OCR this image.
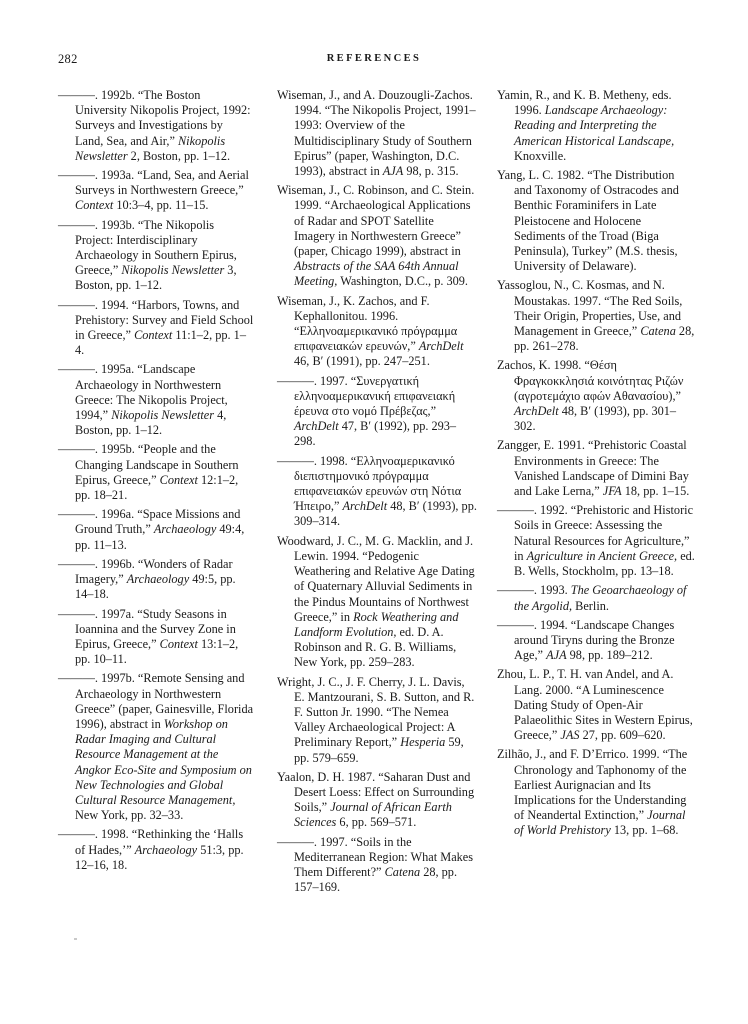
282	REFERENCES

———. 1992b. “The Boston University Nikopolis Project, 1992: Surveys and Investigations by Land, Sea, and Air,” Nikopolis Newsletter 2, Boston, pp. 1–12.

———. 1993a. “Land, Sea, and Aerial Surveys in Northwestern Greece,” Context 10:3–4, pp. 11–15.

———. 1993b. “The Nikopolis Project: Interdisciplinary Archaeology in Southern Epirus, Greece,” Nikopolis Newsletter 3, Boston, pp. 1–12.

———. 1994. “Harbors, Towns, and Prehistory: Survey and Field School in Greece,” Context 11:1–2, pp. 1–4.

———. 1995a. “Landscape Archaeology in Northwestern Greece: The Nikopolis Project, 1994,” Nikopolis Newsletter 4, Boston, pp. 1–12.

———. 1995b. “People and the Changing Landscape in Southern Epirus, Greece,” Context 12:1–2, pp. 18–21.

———. 1996a. “Space Missions and Ground Truth,” Archaeology 49:4, pp. 11–13.

———. 1996b. “Wonders of Radar Imagery,” Archaeology 49:5, pp. 14–18.

———. 1997a. “Study Seasons in Ioannina and the Survey Zone in Epirus, Greece,” Context 13:1–2, pp. 10–11.

———. 1997b. “Remote Sensing and Archaeology in Northwestern Greece” (paper, Gainesville, Florida 1996), abstract in Workshop on Radar Imaging and Cultural Resource Management at the Angkor Eco-Site and Symposium on New Technologies and Global Cultural Resource Management, New York, pp. 32–33.

———. 1998. “Rethinking the ‘Halls of Hades,’” Archaeology 51:3, pp. 12–16, 18.

Wiseman, J., and A. Douzougli-Zachos. 1994. “The Nikopolis Project, 1991–1993: Overview of the Multidisciplinary Study of Southern Epirus” (paper, Washington, D.C. 1993), abstract in AJA 98, p. 315.

Wiseman, J., C. Robinson, and C. Stein. 1999. “Archaeological Applications of Radar and SPOT Satellite Imagery in Northwestern Greece” (paper, Chicago 1999), abstract in Abstracts of the SAA 64th Annual Meeting, Washington, D.C., p. 309.

Wiseman, J., K. Zachos, and F. Kephallonitou. 1996. “Ελληνοαμερικανικό πρόγραμμα επιφανειακών ερευνών,” ArchDelt 46, B′ (1991), pp. 247–251.

———. 1997. “Συνεργατική ελληνοαμερικανική επιφανειακή έρευνα στο νομό Πρέβεζας,” ArchDelt 47, B′ (1992), pp. 293–298.

———. 1998. “Ελληνοαμερικανικό διεπιστημονικό πρόγραμμα επιφανειακών ερευνών στη Νότια Ήπειρο,” ArchDelt 48, B′ (1993), pp. 309–314.

Woodward, J. C., M. G. Macklin, and J. Lewin. 1994. “Pedogenic Weathering and Relative Age Dating of Quaternary Alluvial Sediments in the Pindus Mountains of Northwest Greece,” in Rock Weathering and Landform Evolution, ed. D. A. Robinson and R. G. B. Williams, New York, pp. 259–283.

Wright, J. C., J. F. Cherry, J. L. Davis, E. Mantzourani, S. B. Sutton, and R. F. Sutton Jr. 1990. “The Nemea Valley Archaeological Project: A Preliminary Report,” Hesperia 59, pp. 579–659.

Yaalon, D. H. 1987. “Saharan Dust and Desert Loess: Effect on Surrounding Soils,” Journal of African Earth Sciences 6, pp. 569–571.

———. 1997. “Soils in the Mediterranean Region: What Makes Them Different?” Catena 28, pp. 157–169.

Yamin, R., and K. B. Metheny, eds. 1996. Landscape Archaeology: Reading and Interpreting the American Historical Landscape, Knoxville.

Yang, L. C. 1982. “The Distribution and Taxonomy of Ostracodes and Benthic Foraminifers in Late Pleistocene and Holocene Sediments of the Troad (Biga Peninsula), Turkey” (M.S. thesis, University of Delaware).

Yassoglou, N., C. Kosmas, and N. Moustakas. 1997. “The Red Soils, Their Origin, Properties, Use, and Management in Greece,” Catena 28, pp. 261–278.

Zachos, K. 1998. “Θέση Φραγκοκκλησιά κοινότητας Ριζών (αγροτεμάχιο αφών Αθανασίου),” ArchDelt 48, B′ (1993), pp. 301–302.

Zangger, E. 1991. “Prehistoric Coastal Environments in Greece: The Vanished Landscape of Dimini Bay and Lake Lerna,” JFA 18, pp. 1–15.

———. 1992. “Prehistoric and Historic Soils in Greece: Assessing the Natural Resources for Agriculture,” in Agriculture in Ancient Greece, ed. B. Wells, Stockholm, pp. 13–18.

———. 1993. The Geoarchaeology of the Argolid, Berlin.

———. 1994. “Landscape Changes around Tiryns during the Bronze Age,” AJA 98, pp. 189–212.

Zhou, L. P., T. H. van Andel, and A. Lang. 2000. “A Luminescence Dating Study of Open-Air Palaeolithic Sites in Western Epirus, Greece,” JAS 27, pp. 609–620.

Zilhão, J., and F. D’Errico. 1999. “The Chronology and Taphonomy of the Earliest Aurignacian and Its Implications for the Understanding of Neandertal Extinction,” Journal of World Prehistory 13, pp. 1–68.
